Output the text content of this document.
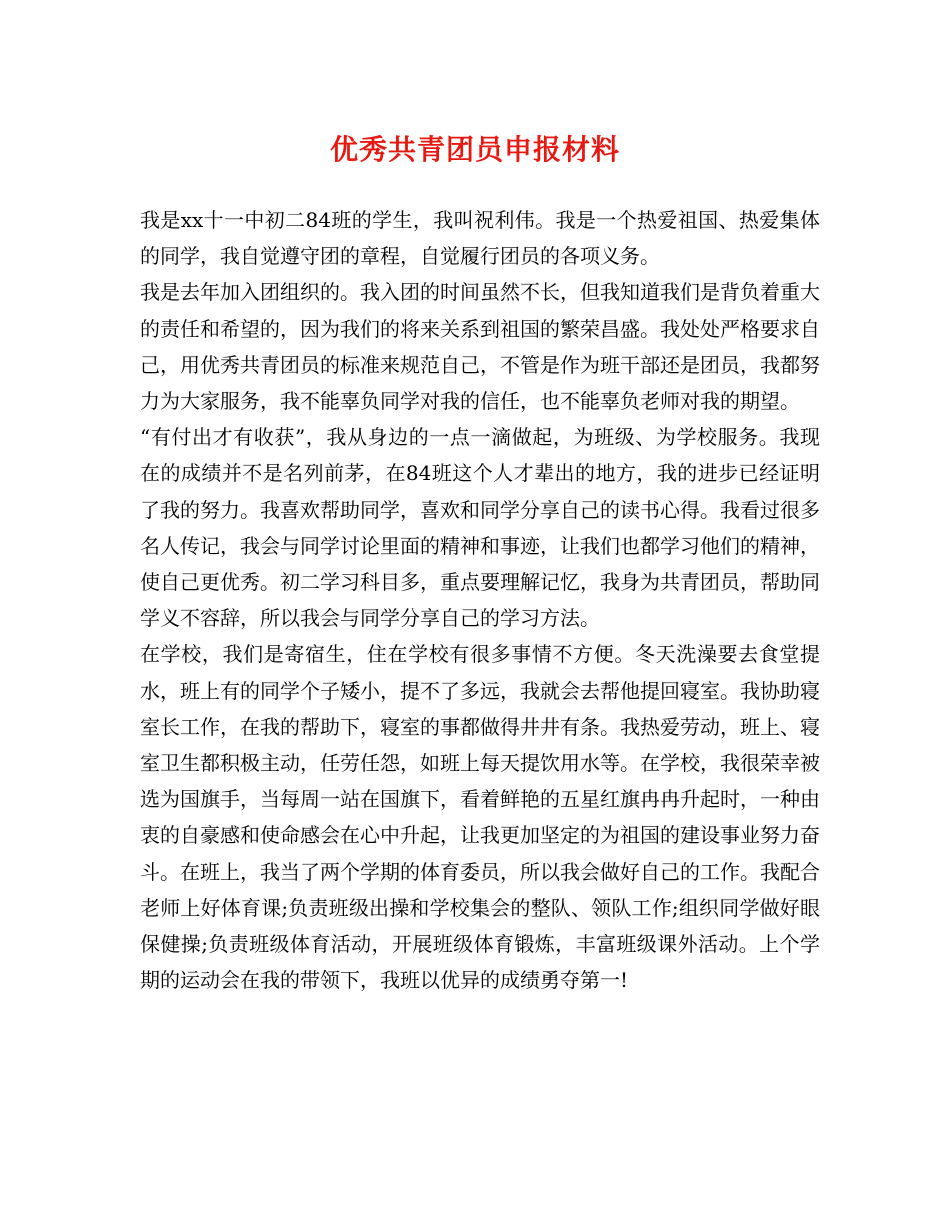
优秀共青团员申报材料

我是xx十一中初二84班的学生，我叫祝利伟。我是一个热爱祖国、热爱集体的同学，我自觉遵守团的章程，自觉履行团员的各项义务。

我是去年加入团组织的。我入团的时间虽然不长，但我知道我们是背负着重大的责任和希望的，因为我们的将来关系到祖国的繁荣昌盛。我处处严格要求自己，用优秀共青团员的标准来规范自己，不管是作为班干部还是团员，我都努力为大家服务，我不能辜负同学对我的信任，也不能辜负老师对我的期望。

“有付出才有收获”，我从身边的一点一滴做起，为班级、为学校服务。我现在的成绩并不是名列前茅，在84班这个人才辈出的地方，我的进步已经证明了我的努力。我喜欢帮助同学，喜欢和同学分享自己的读书心得。我看过很多名人传记，我会与同学讨论里面的精神和事迹，让我们也都学习他们的精神，使自己更优秀。初二学习科目多，重点要理解记忆，我身为共青团员，帮助同学义不容辞，所以我会与同学分享自己的学习方法。

在学校，我们是寄宿生，住在学校有很多事情不方便。冬天洗澡要去食堂提水，班上有的同学个子矮小，提不了多远，我就会去帮他提回寝室。我协助寝室长工作，在我的帮助下，寝室的事都做得井井有条。我热爱劳动，班上、寝室卫生都积极主动，任劳任怨，如班上每天提饮用水等。在学校，我很荣幸被选为国旗手，当每周一站在国旗下，看着鲜艳的五星红旗冉冉升起时，一种由衷的自豪感和使命感会在心中升起，让我更加坚定的为祖国的建设事业努力奋斗。在班上，我当了两个学期的体育委员，所以我会做好自己的工作。我配合老师上好体育课;负责班级出操和学校集会的整队、领队工作;组织同学做好眼保健操;负责班级体育活动，开展班级体育锻炼，丰富班级课外活动。上个学期的运动会在我的带领下，我班以优异的成绩勇夺第一!
